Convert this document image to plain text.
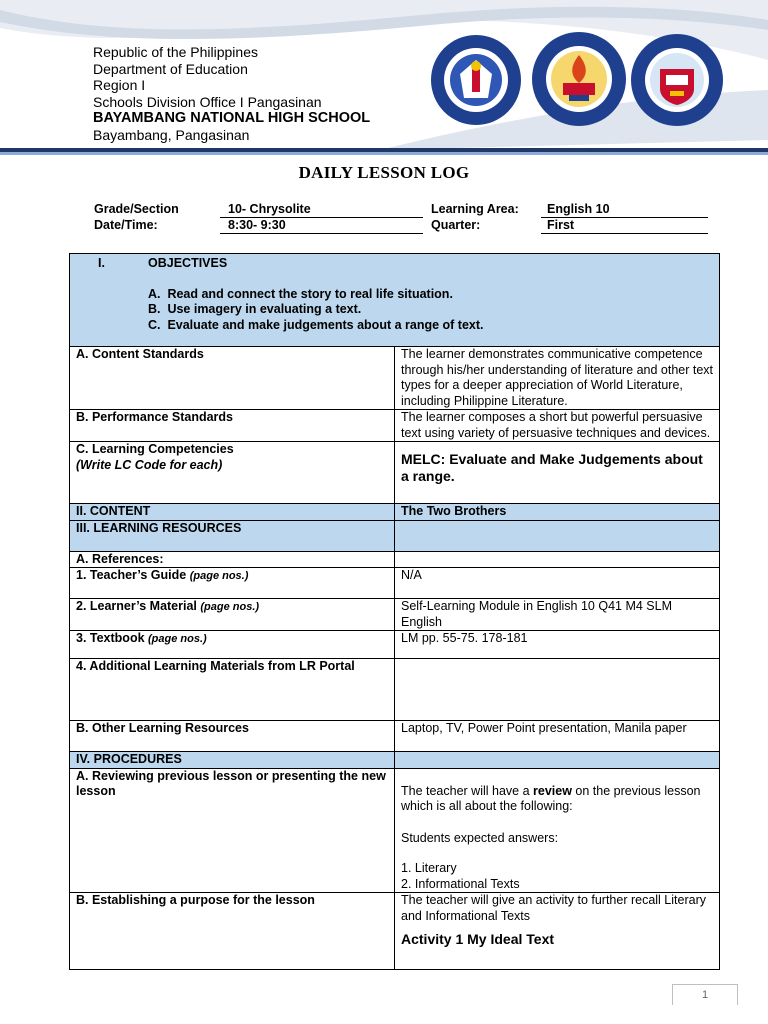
Republic of the Philippines
Department of Education
Region I
Schools Division Office I Pangasinan
BAYAMBANG NATIONAL HIGH SCHOOL
Bayambang, Pangasinan
DAILY LESSON LOG
Grade/Section	10- Chrysolite
Date/Time:	8:30- 9:30
Learning Area:	English 10
Quarter:	First
I. OBJECTIVES
A.  Read and connect the story to real life situation.
B.  Use imagery in evaluating a text.
C.  Evaluate and make judgements about a range of text.	

A. Content Standards	The learner demonstrates communicative competence through his/her understanding of literature and other text types for a deeper appreciation of World Literature, including Philippine Literature.
B. Performance Standards	The learner composes a short but powerful persuasive text using variety of persuasive techniques and devices.
C. Learning Competencies
(Write LC Code for each)	MELC: Evaluate and Make Judgements about a range.
II. CONTENT	The Two Brothers
III. LEARNING RESOURCES	
A. References:	
1. Teacher’s Guide (page nos.)	N/A
2. Learner’s Material (page nos.)	Self-Learning Module in English 10 Q41 M4 SLM English
3. Textbook (page nos.)	LM pp. 55-75. 178-181
4. Additional Learning Materials from LR Portal	
B. Other Learning Resources	Laptop, TV, Power Point presentation, Manila paper
IV. PROCEDURES	
A. Reviewing previous lesson or presenting the new lesson	The teacher will have a review on the previous lesson which is all about the following:
Students expected answers:
1. Literary
2. Informational Texts

B. Establishing a purpose for the lesson	The teacher will give an activity to further recall Literary and Informational Texts
Activity 1 My Ideal Text
1
